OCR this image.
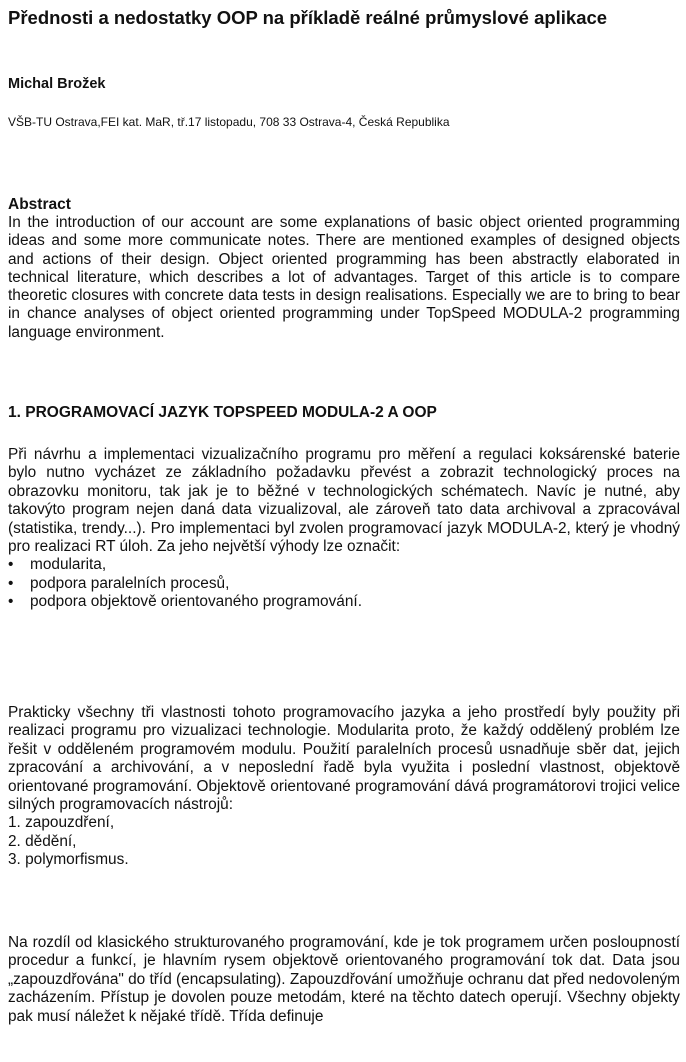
Přednosti a nedostatky OOP na příkladě reálné průmyslové aplikace

Michal Brožek

VŠB-TU Ostrava,FEI kat. MaR, tř.17 listopadu, 708 33 Ostrava-4, Česká Republika

Abstract

In the introduction of our account are some explanations of basic object oriented programming ideas and some more communicate notes. There are mentioned examples of designed objects and actions of their design. Object oriented programming has been abstractly elaborated in technical literature, which describes a lot of advantages. Target of this article is to compare theoretic closures with concrete data tests in design realisations. Especially we are to bring to bear in chance analyses of object oriented programming under TopSpeed MODULA-2 programming language environment.

1. PROGRAMOVACÍ JAZYK TOPSPEED MODULA-2 A OOP

Při návrhu a implementaci vizualizačního programu pro měření a regulaci koksárenské baterie bylo nutno vycházet ze základního požadavku převést a zobrazit technologický proces na obrazovku monitoru, tak jak je to běžné v technologických schématech. Navíc je nutné, aby takovýto program nejen daná data vizualizoval, ale zároveň tato data archivoval a zpracovával (statistika, trendy...). Pro implementaci byl zvolen programovací jazyk MODULA-2, který je vhodný pro realizaci RT úloh. Za jeho největší výhody lze označit:

• modularita,
• podpora paralelních procesů,
• podpora objektově orientovaného programování.

Prakticky všechny tři vlastnosti tohoto programovacího jazyka a jeho prostředí byly použity při realizaci programu pro vizualizaci technologie. Modularita proto, že každý oddělený problém lze řešit v odděleném programovém modulu. Použití paralelních procesů usnadňuje sběr dat, jejich zpracování a archivování, a v neposlední řadě byla využita i poslední vlastnost, objektově orientované programování. Objektově orientované programování dává programátorovi trojici velice silných programovacích nástrojů:

1. zapouzdření,
2. dědění,
3. polymorfismus.

Na rozdíl od klasického strukturovaného programování, kde je tok programem určen posloupností procedur a funkcí, je hlavním rysem objektově orientovaného programování tok dat. Data jsou „zapouzdřována" do tříd (encapsulating). Zapouzdřování umožňuje ochranu dat před nedovoleným zacházením. Přístup je dovolen pouze metodám, které na těchto datech operují. Všechny objekty pak musí náležet k nějaké třídě. Třída definuje
